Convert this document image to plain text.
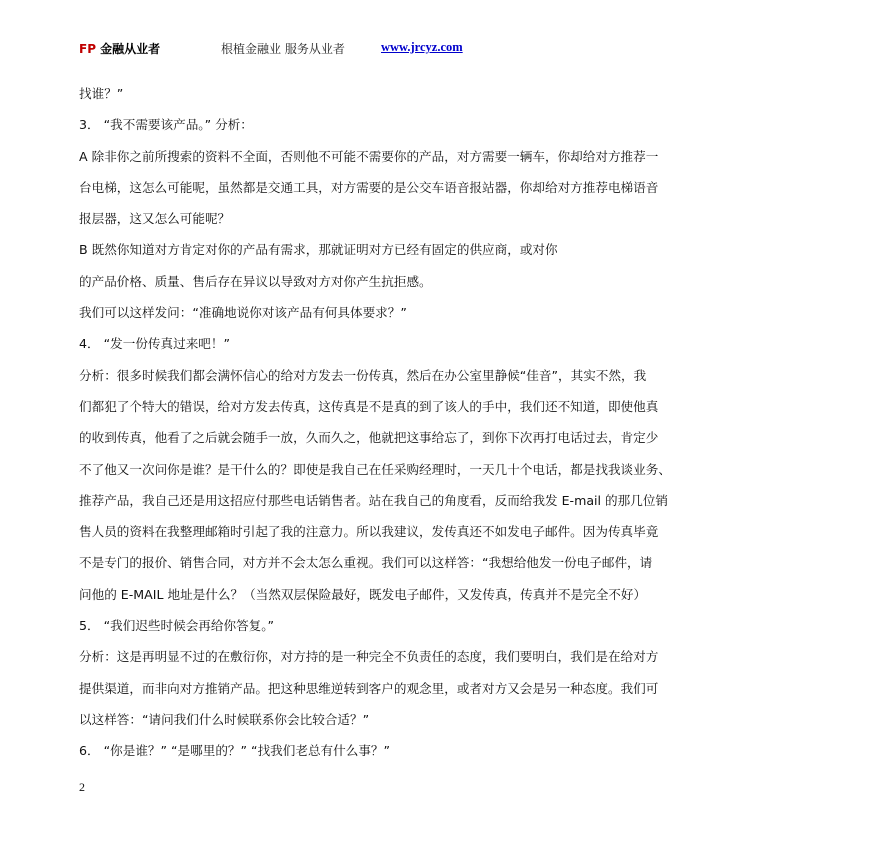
FP 金融从业者	根植金融业 服务从业者	www.jrcyz.com
找谁？”
3． “我不需要该产品。” 分析：
A 除非你之前所搜索的资料不全面，否则他不可能不需要你的产品，对方需要一辆车，你却给对方推荐一
台电梯，这怎么可能呢，虽然都是交通工具，对方需要的是公交车语音报站器，你却给对方推荐电梯语音
报层器，这又怎么可能呢？
B 既然你知道对方肯定对你的产品有需求，那就证明对方已经有固定的供应商，或对你
的产品价格、质量、售后存在异议以导致对方对你产生抗拒感。
我们可以这样发问：“准确地说你对该产品有何具体要求？”
4． “发一份传真过来吧！”
分析：很多时候我们都会满怀信心的给对方发去一份传真，然后在办公室里静候“佳音”，其实不然，我
们都犯了个特大的错误，给对方发去传真，这传真是不是真的到了该人的手中，我们还不知道，即使他真
的收到传真，他看了之后就会随手一放，久而久之，他就把这事给忘了，到你下次再打电话过去，肯定少
不了他又一次问你是谁？是干什么的？即使是我自己在任采购经理时，一天几十个电话，都是找我谈业务、
推荐产品，我自己还是用这招应付那些电话销售者。站在我自己的角度看，反而给我发 E-mail 的那几位销
售人员的资料在我整理邮箱时引起了我的注意力。所以我建议，发传真还不如发电子邮件。因为传真毕竟
不是专门的报价、销售合同，对方并不会太怎么重视。我们可以这样答：“我想给他发一份电子邮件，请
问他的 E-MAIL 地址是什么？（当然双层保险最好，既发电子邮件，又发传真，传真并不是完全不好）
5． “我们迟些时候会再给你答复。”
分析：这是再明显不过的在敷衍你，对方持的是一种完全不负责任的态度，我们要明白，我们是在给对方
提供渠道，而非向对方推销产品。把这种思维逆转到客户的观念里，或者对方又会是另一种态度。我们可
以这样答：“请问我们什么时候联系你会比较合适？”
6． “你是谁？” “是哪里的？” “找我们老总有什么事？”
2
